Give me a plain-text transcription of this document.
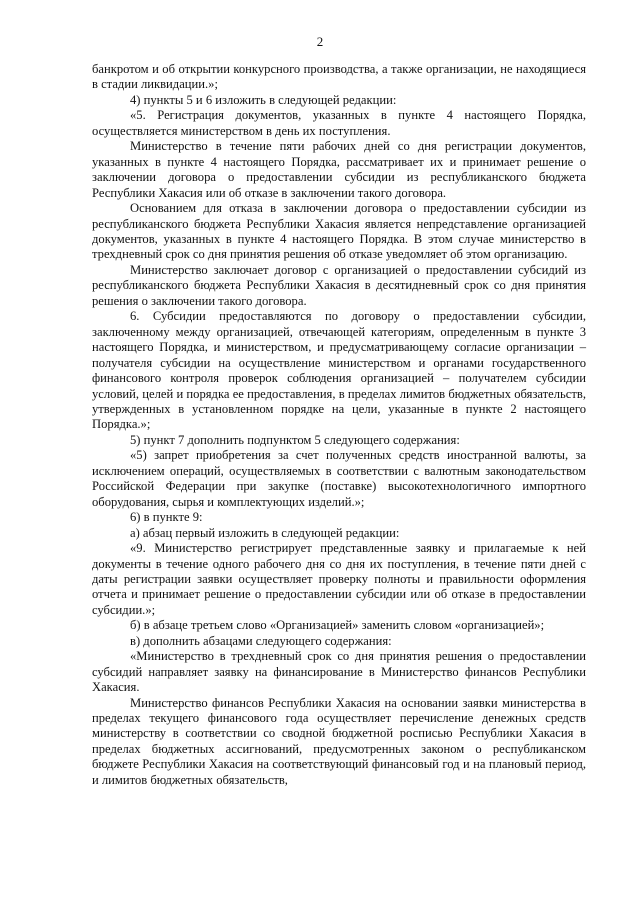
2

банкротом и об открытии конкурсного производства, а также организации, не находящиеся в стадии ликвидации.»;

4) пункты 5 и 6 изложить в следующей редакции:

«5. Регистрация документов, указанных в пункте 4 настоящего Порядка, осуществляется министерством в день их поступления.

Министерство в течение пяти рабочих дней со дня регистрации документов, указанных в пункте 4 настоящего Порядка, рассматривает их и принимает решение о заключении договора о предоставлении субсидии из республиканского бюджета Республики Хакасия или об отказе в заключении такого договора.

Основанием для отказа в заключении договора о предоставлении субсидии из республиканского бюджета Республики Хакасия является непредставление организацией документов, указанных в пункте 4 настоящего Порядка. В этом случае министерство в трехдневный срок со дня принятия решения об отказе уведомляет об этом организацию.

Министерство заключает договор с организацией о предоставлении субсидий из республиканского бюджета Республики Хакасия в десятидневный срок со дня принятия решения о заключении такого договора.

6. Субсидии предоставляются по договору о предоставлении субсидии, заключенному между организацией, отвечающей категориям, определенным в пункте 3 настоящего Порядка, и министерством, и предусматривающему согласие организации – получателя субсидии на осуществление министерством и органами государственного финансового контроля проверок соблюдения организацией – получателем субсидии условий, целей и порядка ее предоставления, в пределах лимитов бюджетных обязательств, утвержденных в установленном порядке на цели, указанные в пункте 2 настоящего Порядка.»;

5) пункт 7 дополнить подпунктом 5 следующего содержания:

«5) запрет приобретения за счет полученных средств иностранной валюты, за исключением операций, осуществляемых в соответствии с валютным законодательством Российской Федерации при закупке (поставке) высокотехнологичного импортного оборудования, сырья и комплектующих изделий.»;

6) в пункте 9:

а) абзац первый изложить в следующей редакции:

«9. Министерство регистрирует представленные заявку и прилагаемые к ней документы в течение одного рабочего дня со дня их поступления, в течение пяти дней с даты регистрации заявки осуществляет проверку полноты и правильности оформления отчета и принимает решение о предоставлении субсидии или об отказе в предоставлении субсидии.»;

б) в абзаце третьем слово «Организацией» заменить словом «организацией»;

в) дополнить абзацами следующего содержания:

«Министерство в трехдневный срок со дня принятия решения о предоставлении субсидий направляет заявку на финансирование в Министерство финансов Республики Хакасия.

Министерство финансов Республики Хакасия на основании заявки министерства в пределах текущего финансового года осуществляет перечисление денежных средств министерству в соответствии со сводной бюджетной росписью Республики Хакасия в пределах бюджетных ассигнований, предусмотренных законом о республиканском бюджете Республики Хакасия на соответствующий финансовый год и на плановый период, и лимитов бюджетных обязательств,
